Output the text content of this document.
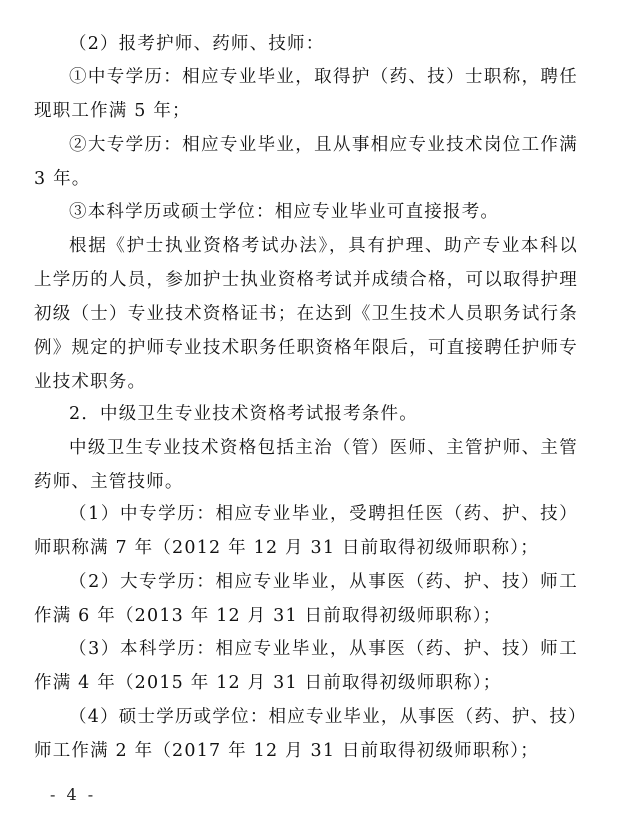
（2）报考护师、药师、技师：

①中专学历：相应专业毕业，取得护（药、技）士职称，聘任现职工作满 5 年；

②大专学历：相应专业毕业，且从事相应专业技术岗位工作满 3 年。

③本科学历或硕士学位：相应专业毕业可直接报考。

根据《护士执业资格考试办法》，具有护理、助产专业本科以上学历的人员，参加护士执业资格考试并成绩合格，可以取得护理初级（士）专业技术资格证书；在达到《卫生技术人员职务试行条例》规定的护师专业技术职务任职资格年限后，可直接聘任护师专业技术职务。

2．中级卫生专业技术资格考试报考条件。

中级卫生专业技术资格包括主治（管）医师、主管护师、主管药师、主管技师。

（1）中专学历：相应专业毕业，受聘担任医（药、护、技）师职称满 7 年（2012 年 12 月 31 日前取得初级师职称）；

（2）大专学历：相应专业毕业，从事医（药、护、技）师工作满 6 年（2013 年 12 月 31 日前取得初级师职称）；

（3）本科学历：相应专业毕业，从事医（药、护、技）师工作满 4 年（2015 年 12 月 31 日前取得初级师职称）；

（4）硕士学历或学位：相应专业毕业，从事医（药、护、技）师工作满 2 年（2017 年 12 月 31 日前取得初级师职称）；

- 4 -
